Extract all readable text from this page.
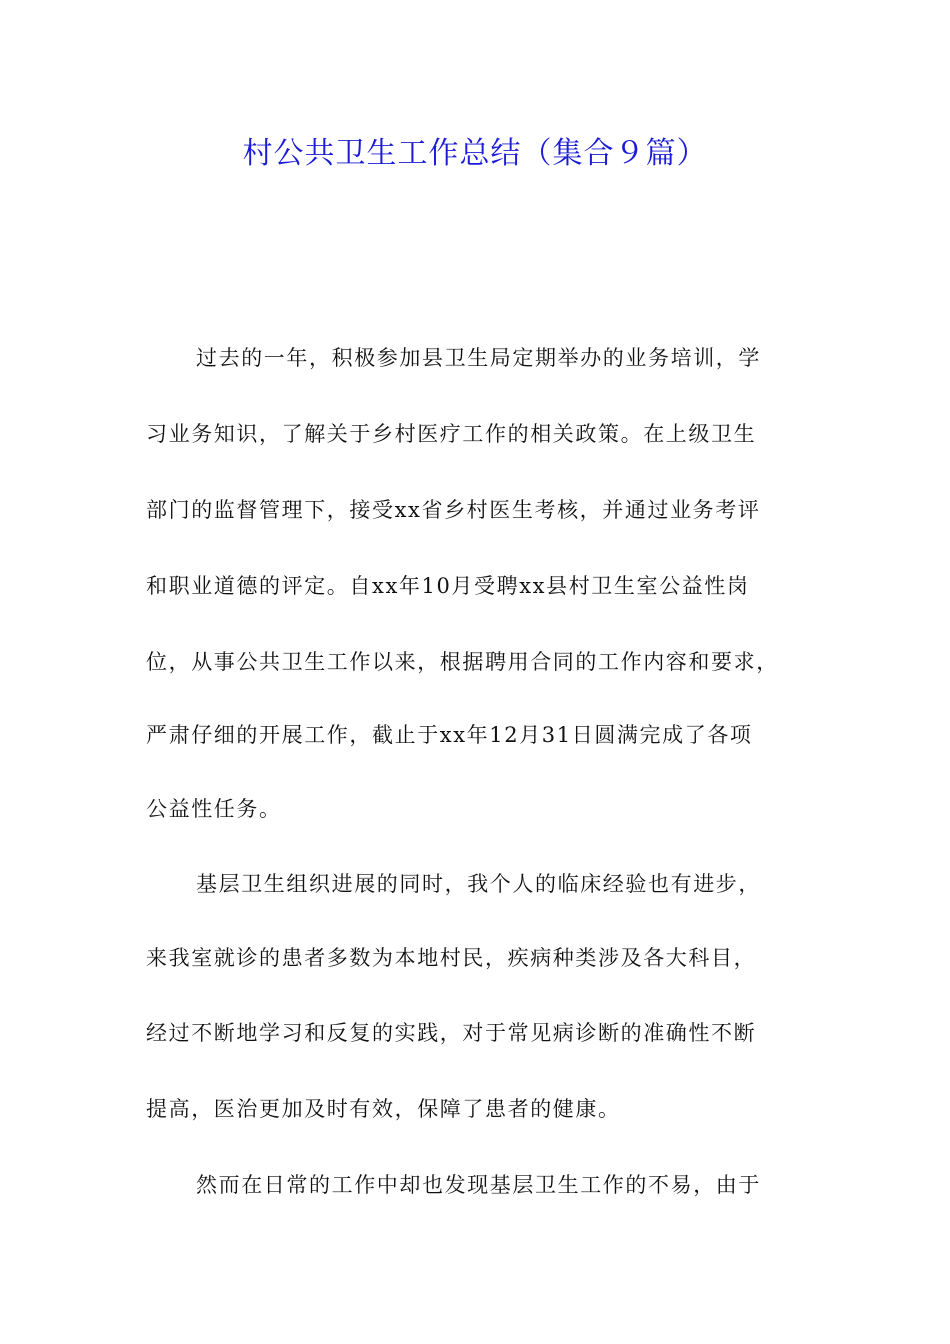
村公共卫生工作总结（集合９篇）
过去的一年，积极参加县卫生局定期举办的业务培训，学
习业务知识，了解关于乡村医疗工作的相关政策。在上级卫生
部门的监督管理下，接受xx省乡村医生考核，并通过业务考评
和职业道德的评定。自xx年10月受聘xx县村卫生室公益性岗
位，从事公共卫生工作以来，根据聘用合同的工作内容和要求，
严肃仔细的开展工作，截止于xx年12月31日圆满完成了各项
公益性任务。
基层卫生组织进展的同时，我个人的临床经验也有进步，
来我室就诊的患者多数为本地村民，疾病种类涉及各大科目，
经过不断地学习和反复的实践，对于常见病诊断的准确性不断
提高，医治更加及时有效，保障了患者的健康。
然而在日常的工作中却也发现基层卫生工作的不易，由于
